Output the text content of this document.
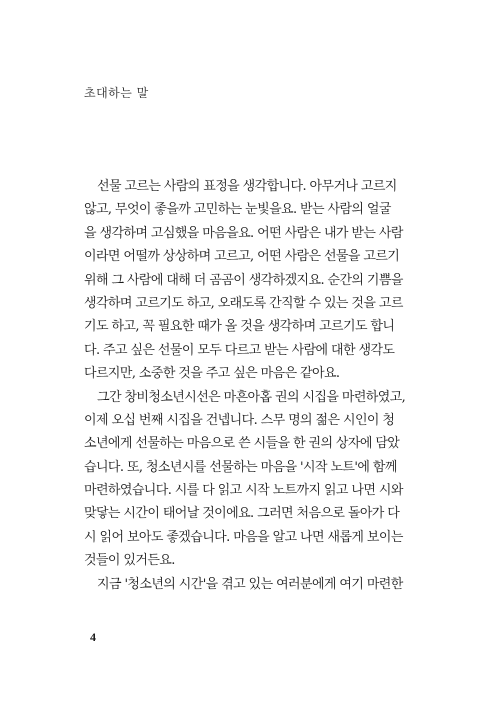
초대하는 말
선물 고르는 사람의 표정을 생각합니다. 아무거나 고르지
않고, 무엇이 좋을까 고민하는 눈빛을요. 받는 사람의 얼굴
을 생각하며 고심했을 마음을요. 어떤 사람은 내가 받는 사람
이라면 어떨까 상상하며 고르고, 어떤 사람은 선물을 고르기
위해 그 사람에 대해 더 곰곰이 생각하겠지요. 순간의 기쁨을
생각하며 고르기도 하고, 오래도록 간직할 수 있는 것을 고르
기도 하고, 꼭 필요한 때가 올 것을 생각하며 고르기도 합니
다. 주고 싶은 선물이 모두 다르고 받는 사람에 대한 생각도
다르지만, 소중한 것을 주고 싶은 마음은 같아요.
그간 창비청소년시선은 마흔아홉 권의 시집을 마련하였고,
이제 오십 번째 시집을 건넵니다. 스무 명의 젊은 시인이 청
소년에게 선물하는 마음으로 쓴 시들을 한 권의 상자에 담았
습니다. 또, 청소년시를 선물하는 마음을 '시작 노트'에 함께
마련하였습니다. 시를 다 읽고 시작 노트까지 읽고 나면 시와
맞닿는 시간이 태어날 것이에요. 그러면 처음으로 돌아가 다
시 읽어 보아도 좋겠습니다. 마음을 알고 나면 새롭게 보이는
것들이 있거든요.
지금 '청소년의 시간'을 겪고 있는 여러분에게 여기 마련한
4
